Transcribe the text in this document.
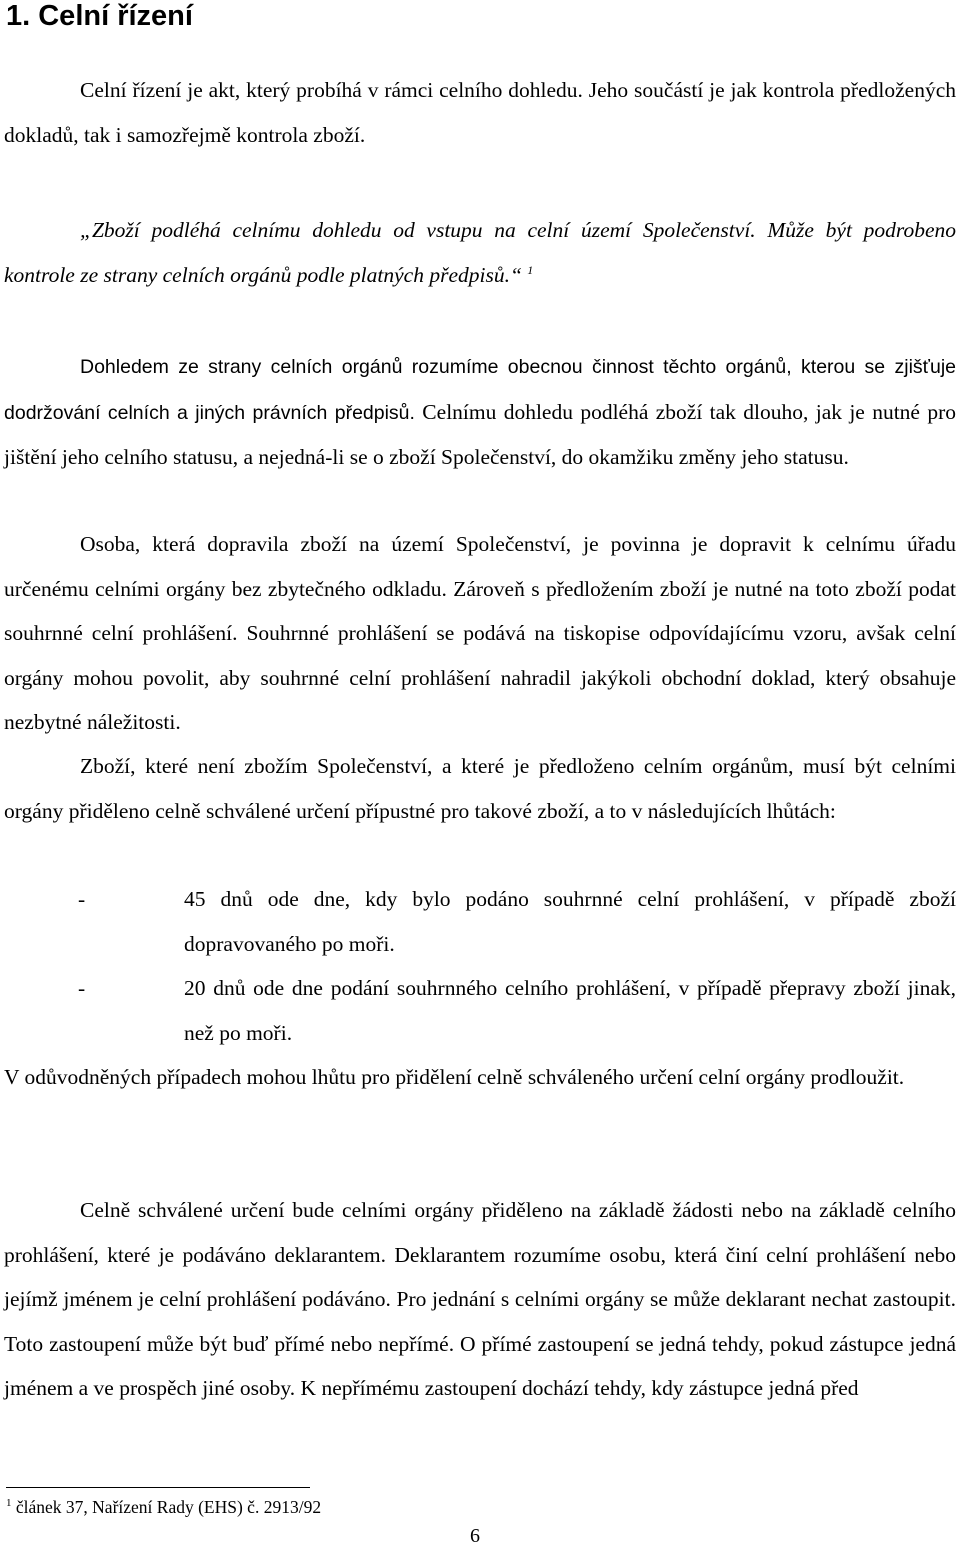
1. Celní řízení

Celní řízení je akt, který probíhá v rámci celního dohledu. Jeho součástí je jak kontrola předložených dokladů, tak i samozřejmě kontrola zboží.

„Zboží podléhá celnímu dohledu od vstupu na celní území Společenství. Může být podrobeno kontrole ze strany celních orgánů podle platných předpisů.“ $^1$

Dohledem ze strany celních orgánů rozumíme obecnou činnost těchto orgánů, kterou se zjišťuje dodržování celních a jiných právních předpisů. Celnímu dohledu podléhá zboží tak dlouho, jak je nutné pro jištění jeho celního statusu, a nejedná-li se o zboží Společenství, do okamžiku změny jeho statusu.

Osoba, která dopravila zboží na území Společenství, je povinna je dopravit k celnímu úřadu určenému celními orgány bez zbytečného odkladu. Zároveň s předložením zboží je nutné na toto zboží podat souhrnné celní prohlášení. Souhrnné prohlášení se podává na tiskopise odpovídajícímu vzoru, avšak celní orgány mohou povolit, aby souhrnné celní prohlášení nahradil jakýkoli obchodní doklad, který obsahuje nezbytné náležitosti.

Zboží, které není zbožím Společenství, a které je předloženo celním orgánům, musí být celními orgány přiděleno celně schválené určení přípustné pro takové zboží, a to v následujících lhůtách:

-	45 dnů ode dne, kdy bylo podáno souhrnné celní prohlášení, v případě zboží dopravovaného po moři.

-	20 dnů ode dne podání souhrnného celního prohlášení, v případě přepravy zboží jinak, než po moři.

V odůvodněných případech mohou lhůtu pro přidělení celně schváleného určení celní orgány prodloužit.

Celně schválené určení bude celními orgány přiděleno na základě žádosti nebo na základě celního prohlášení, které je podáváno deklarantem. Deklarantem rozumíme osobu, která činí celní prohlášení nebo jejímž jménem je celní prohlášení podáváno. Pro jednání s celními orgány se může deklarant nechat zastoupit. Toto zastoupení může být buď přímé nebo nepřímé. O přímé zastoupení se jedná tehdy, pokud zástupce jedná jménem a ve prospěch jiné osoby. K nepřímému zastoupení dochází tehdy, kdy zástupce jedná před

$^1$ článek 37, Nařízení Rady (EHS) č. 2913/92
6
